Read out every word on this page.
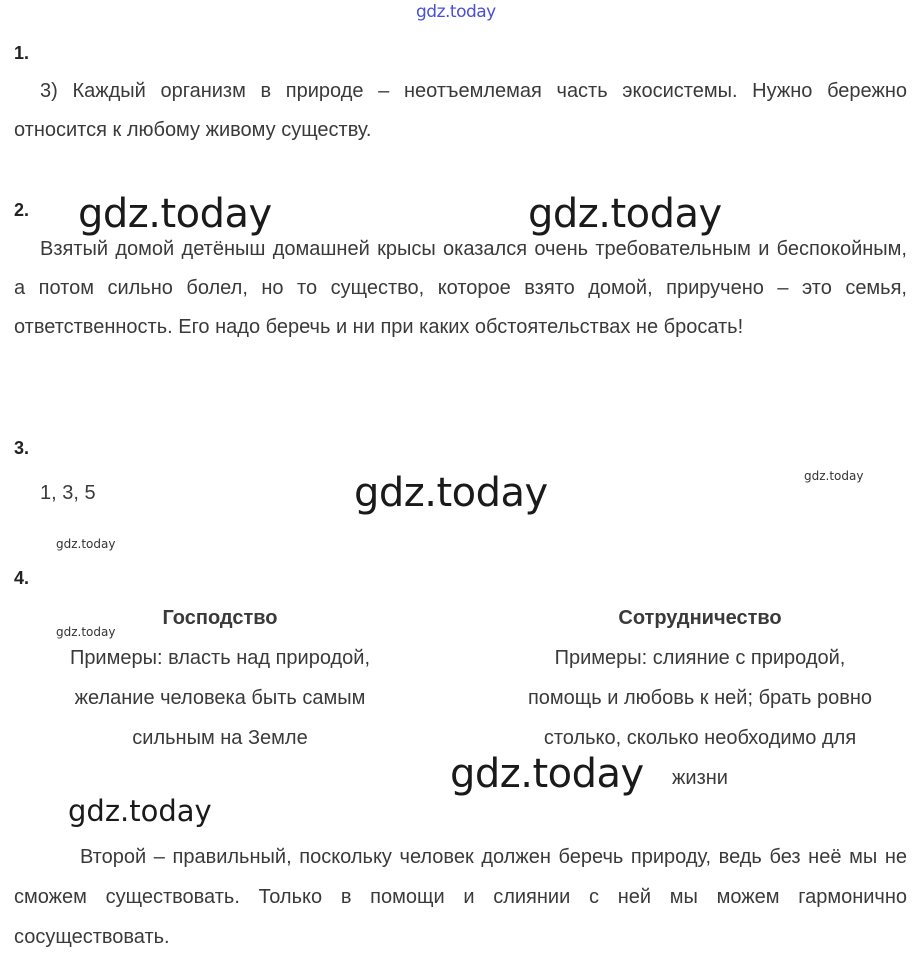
gdz.today
gdz.today	gdz.today
gdz.today
gdz.today
gdz.today
gdz.today
gdz.today
gdz.today
1.
3) Каждый организм в природе – неотъемлемая часть экосистемы. Нужно бережно относится к любому живому существу.
2.
Взятый домой детёныш домашней крысы оказался очень требовательным и беспокойным, а потом сильно болел, но то существо, которое взято домой, приручено – это семья, ответственность. Его надо беречь и ни при каких обстоятельствах не бросать!
3.
1, 3, 5
4.
Господство
Примеры: власть над природой,
желание человека быть самым
сильным на Земле
Сотрудничество
Примеры: слияние с природой,
помощь и любовь к ней; брать ровно
столько, сколько необходимо для
жизни
Второй – правильный, поскольку человек должен беречь природу, ведь без неё мы не сможем существовать. Только в помощи и слиянии с ней мы можем гармонично сосуществовать.
